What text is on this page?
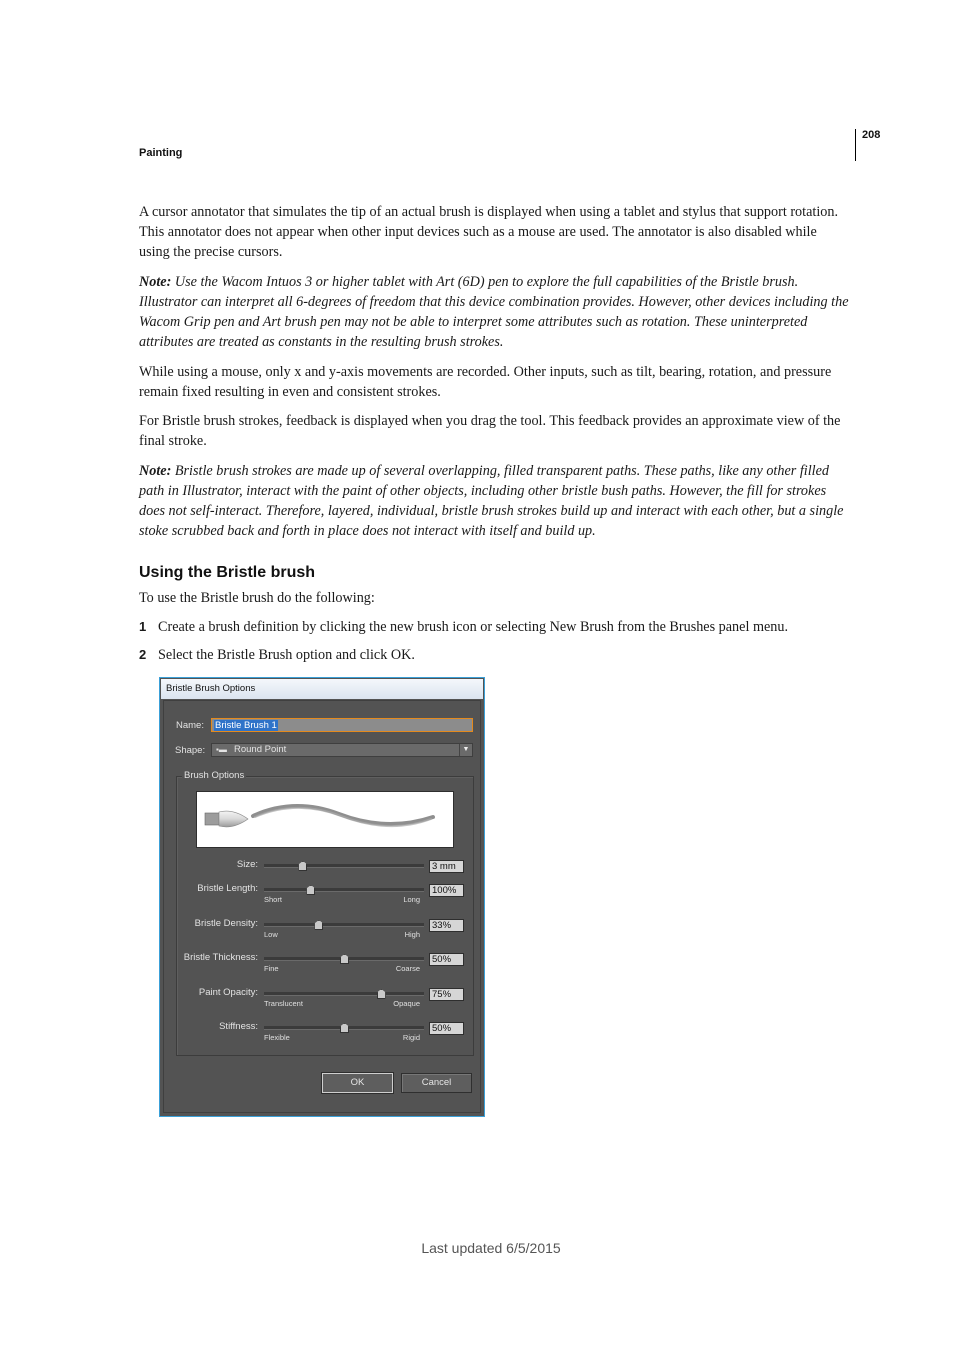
Painting
208

A cursor annotator that simulates the tip of an actual brush is displayed when using a tablet and stylus that support rotation. This annotator does not appear when other input devices such as a mouse are used. The annotator is also disabled while using the precise cursors.

Note: Use the Wacom Intuos 3 or higher tablet with Art (6D) pen to explore the full capabilities of the Bristle brush. Illustrator can interpret all 6-degrees of freedom that this device combination provides. However, other devices including the Wacom Grip pen and Art brush pen may not be able to interpret some attributes such as rotation. These uninterpreted attributes are treated as constants in the resulting brush strokes.

While using a mouse, only x and y-axis movements are recorded. Other inputs, such as tilt, bearing, rotation, and pressure remain fixed resulting in even and consistent strokes.

For Bristle brush strokes, feedback is displayed when you drag the tool. This feedback provides an approximate view of the final stroke.

Note: Bristle brush strokes are made up of several overlapping, filled transparent paths. These paths, like any other filled path in Illustrator, interact with the paint of other objects, including other bristle bush paths. However, the fill for strokes does not self-interact. Therefore, layered, individual, bristle brush strokes build up and interact with each other, but a single stoke scrubbed back and forth in place does not interact with itself and build up.

Using the Bristle brush
To use the Bristle brush do the following:
1 Create a brush definition by clicking the new brush icon or selecting New Brush from the Brushes panel menu.
2 Select the Bristle Brush option and click OK.
Bristle Brush Options
Name: Bristle Brush 1
Shape: ▪▬ Round Point	▼
Brush Options
Size:	3 mm
Bristle Length:	100%
Short	Long
Bristle Density:	33%
Low	High
Bristle Thickness:	50%
Fine	Coarse
Paint Opacity:	75%
Translucent	Opaque
Stiffness:	50%
Flexible	Rigid
OK	Cancel
Last updated 6/5/2015
